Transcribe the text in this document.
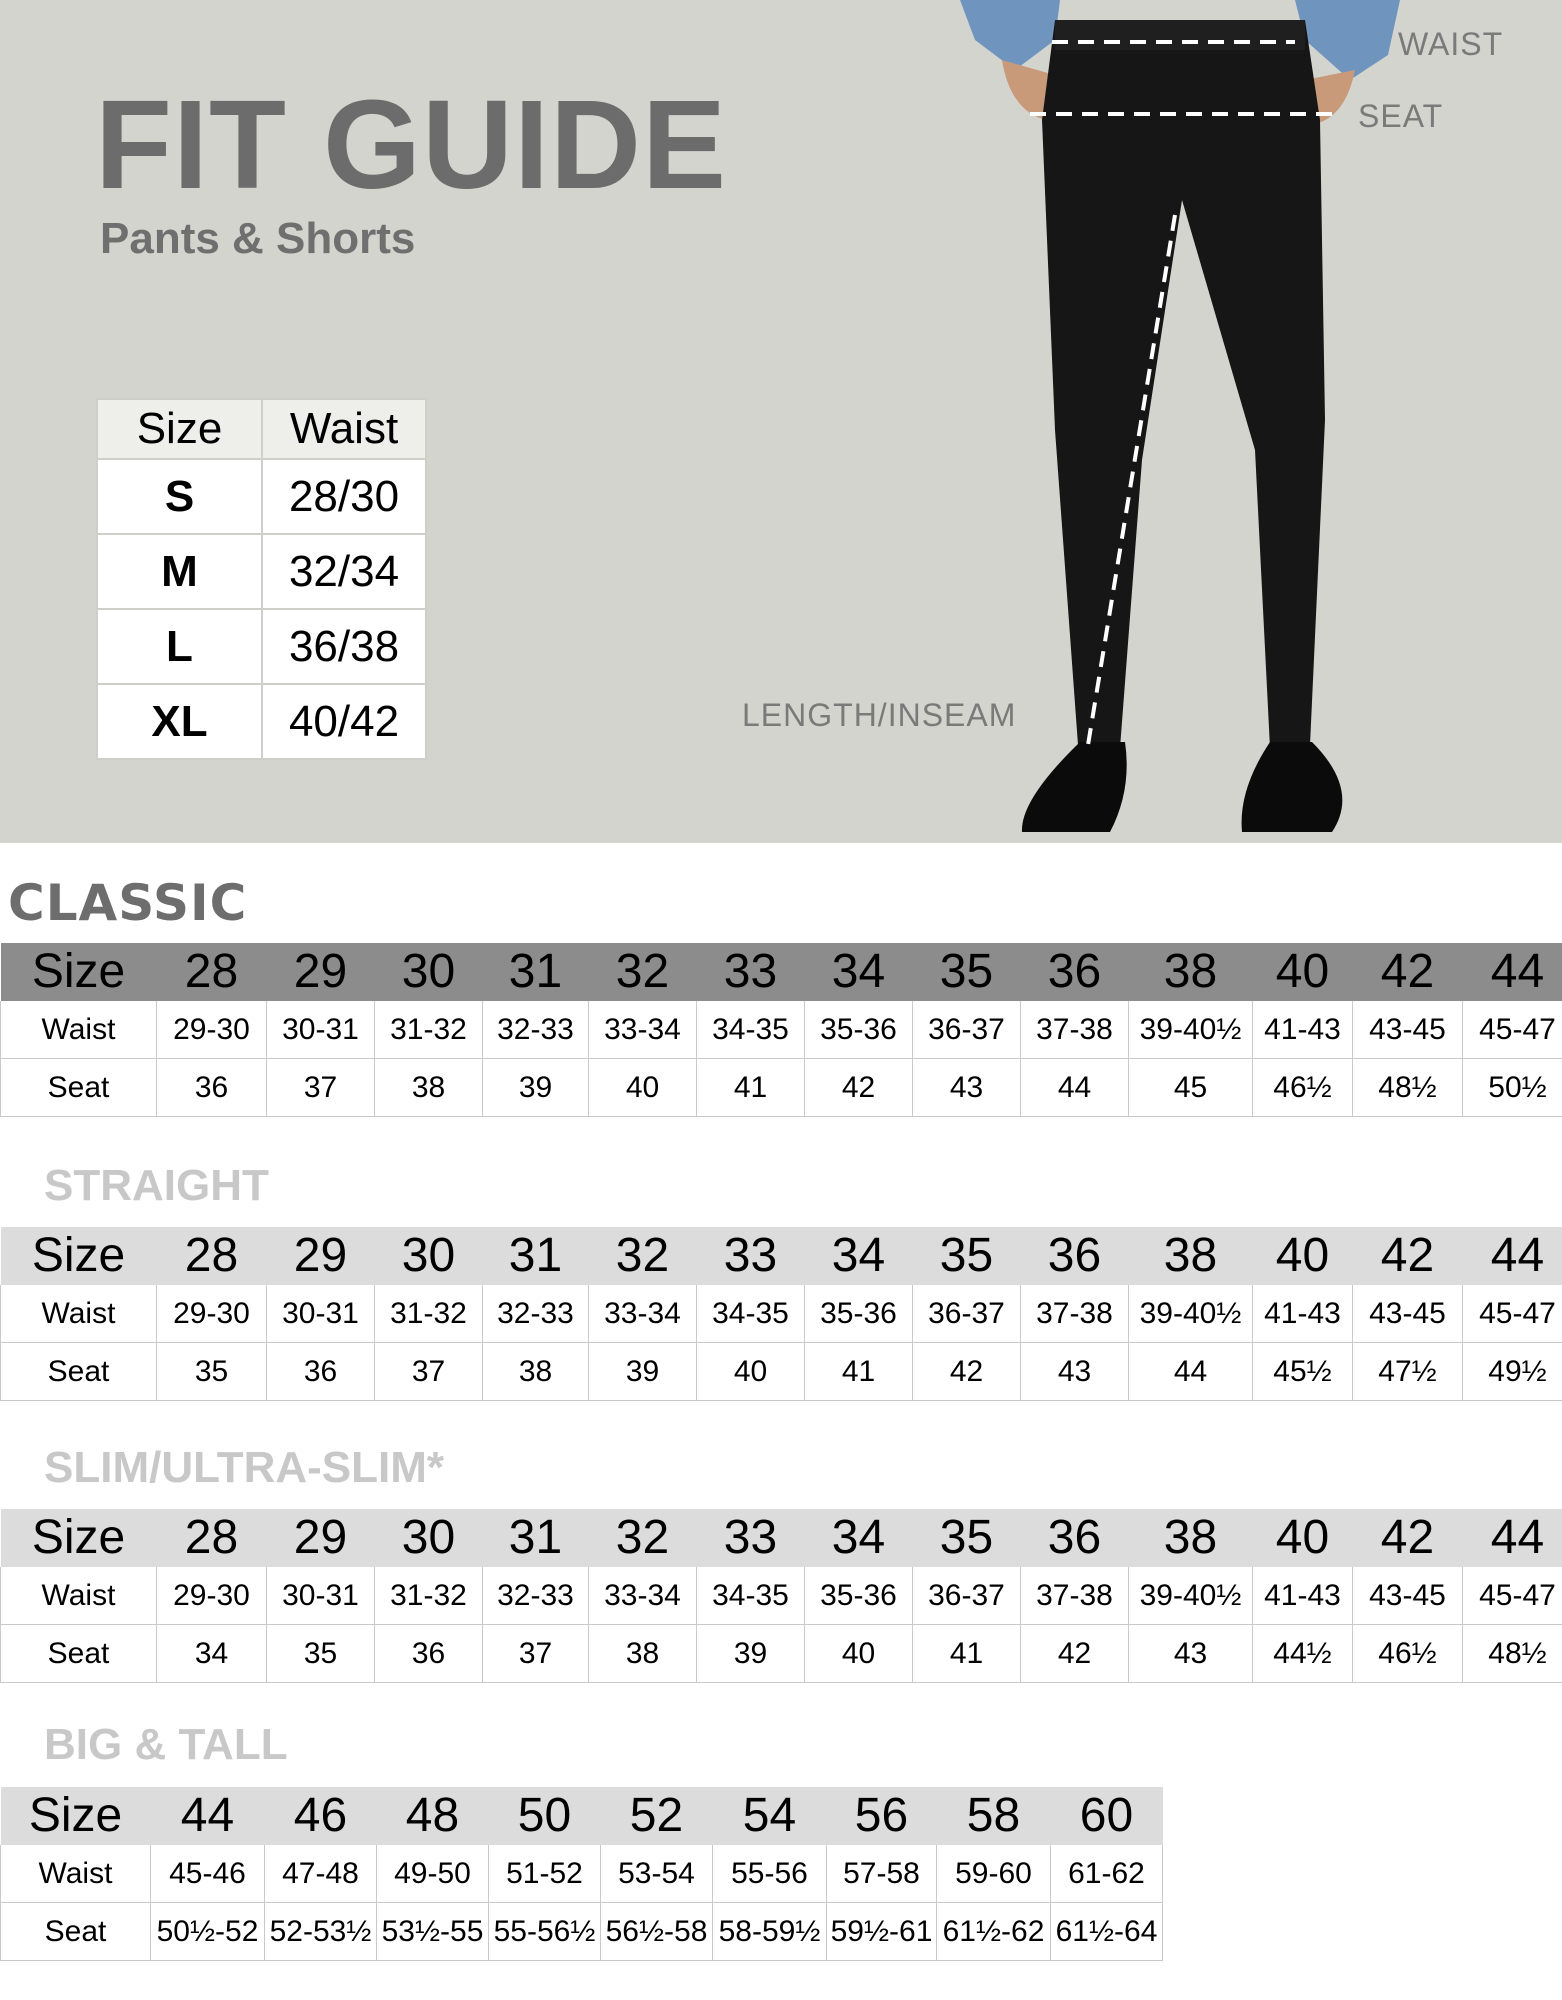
FIT GUIDE
Pants & Shorts
Size	Waist
S	28/30
M	32/34
L	36/38
XL	40/42
WAIST
SEAT
LENGTH/INSEAM
CLASSIC
Size	28	29	30	31	32	33	34	35	36	38	40	42	44
Waist	29-30	30-31	31-32	32-33	33-34	34-35	35-36	36-37	37-38	39-40½	41-43	43-45	45-47
Seat	36	37	38	39	40	41	42	43	44	45	46½	48½	50½
STRAIGHT
Size	28	29	30	31	32	33	34	35	36	38	40	42	44
Waist	29-30	30-31	31-32	32-33	33-34	34-35	35-36	36-37	37-38	39-40½	41-43	43-45	45-47
Seat	35	36	37	38	39	40	41	42	43	44	45½	47½	49½
SLIM/ULTRA-SLIM*
Size	28	29	30	31	32	33	34	35	36	38	40	42	44
Waist	29-30	30-31	31-32	32-33	33-34	34-35	35-36	36-37	37-38	39-40½	41-43	43-45	45-47
Seat	34	35	36	37	38	39	40	41	42	43	44½	46½	48½
BIG & TALL
Size	44	46	48	50	52	54	56	58	60
Waist	45-46	47-48	49-50	51-52	53-54	55-56	57-58	59-60	61-62
Seat	50½-52	52-53½	53½-55	55-56½	56½-58	58-59½	59½-61	61½-62	61½-64
